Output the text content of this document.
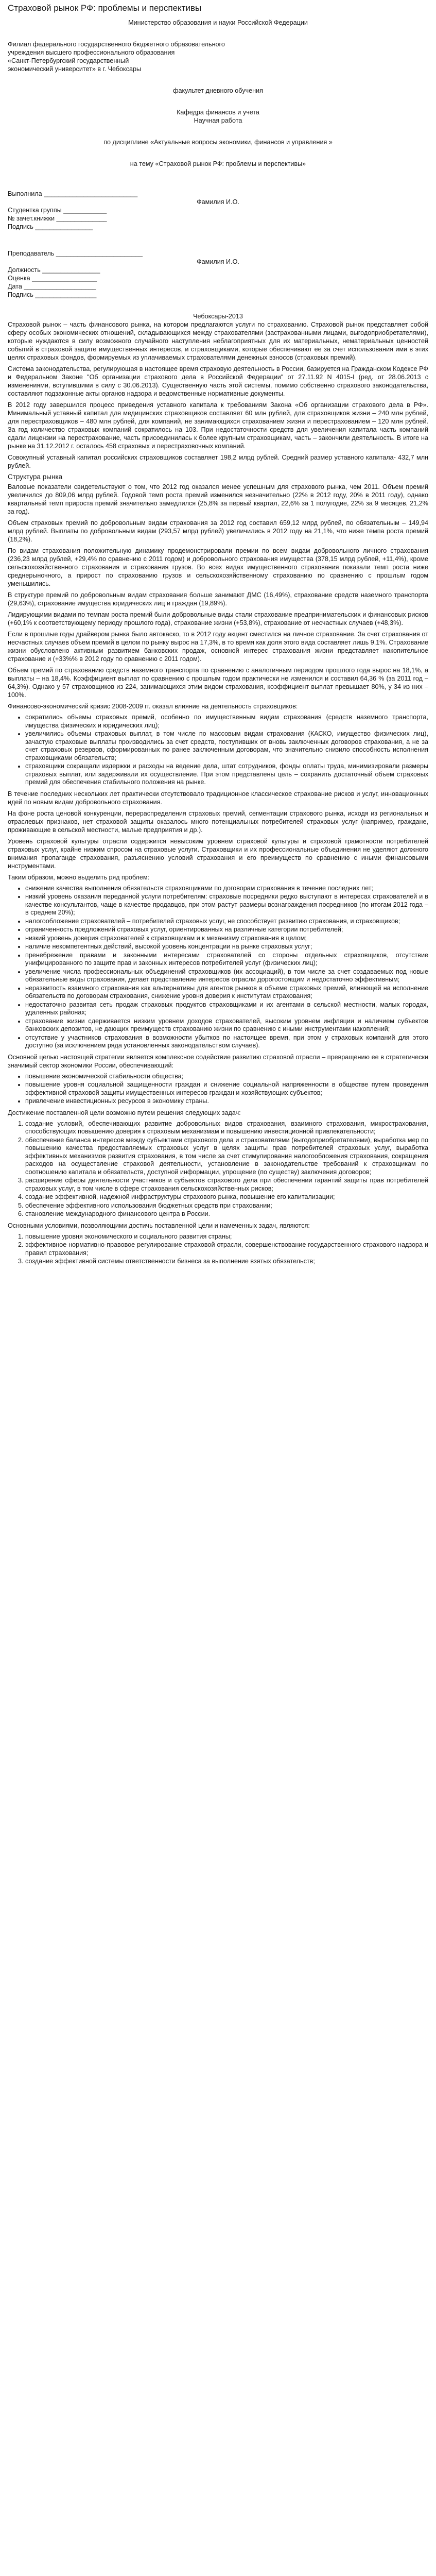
Страховой рынок РФ: проблемы и перспективы

Министерство образования и науки Российской Федерации

Филиал федерального государственного бюджетного образовательного

учреждения высшего профессионального образования

«Санкт-Петербургский государственный

экономический университет» в г. Чебоксары

факультет дневного обучения

Кафедра финансов и учета

Научная работа

по дисциплине «Актуальные вопросы экономики, финансов и управления »

на тему «Страховой рынок РФ: проблемы и перспективы»

Выполнила __________________________

Фамилия И.О.

Студентка группы ____________

№ зачет.книжки ______________

Подпись ________________

Преподаватель ________________________

Фамилия И.О.

Должность ________________

Оценка __________________

Дата ____________________

Подпись _________________

Чебоксары-2013

Страховой рынок – часть финансового рынка, на котором предлагаются услуги по страхованию. Страховой рынок представляет собой сферу особых экономических отношений, складывающихся между страхователями (застрахованными лицами, выгодоприобретателями), которые нуждаются в силу возможного случайного наступления неблагоприятных для их материальных, нематериальных ценностей событий в страховой защите имущественных интересов, и страховщиками, которые обеспечивают ее за счет использования ими в этих целях страховых фондов, формируемых из уплачиваемых страхователями денежных взносов (страховых премий).

Система законодательства, регулирующая в настоящее время страховую деятельность в России, базируется на Гражданском Кодексе РФ и Федеральном Законе "Об организации страхового дела в Российской Федерации" от 27.11.92 N 4015-I (ред. от 28.06.2013 с изменениями, вступившими в силу с 30.06.2013). Существенную часть этой системы, помимо собственно страхового законодательства, составляют подзаконные акты органов надзора и ведомственные нормативные документы.

В 2012 году завершился процесс приведения уставного капитала к требованиям Закона «Об организации страхового дела в РФ». Минимальный уставный капитал для медицинских страховщиков составляет 60 млн рублей, для страховщиков жизни – 240 млн рублей, для перестраховщиков – 480 млн рублей, для компаний, не занимающихся страхованием жизни и перестрахованием – 120 млн рублей. За год количество страховых компаний сократилось на 103. При недостаточности средств для увеличения капитала часть компаний сдали лицензии на перестрахование, часть присоединилась к более крупным страховщикам, часть – закончили деятельность. В итоге на рынке на 31.12.2012 г. осталось 458 страховых и перестраховочных компаний.

Совокупный уставный капитал российских страховщиков составляет 198,2 млрд рублей. Средний размер уставного капитала- 432,7 млн рублей.

Структура рынка

Валовые показатели свидетельствуют о том, что 2012 год оказался менее успешным для страхового рынка, чем 2011. Объем премий увеличился до 809,06 млрд рублей. Годовой темп роста премий изменился незначительно (22% в 2012 году, 20% в 2011 году), однако квартальный темп прироста премий значительно замедлился (25,8% за первый квартал, 22,6% за 1 полугодие, 22% за 9 месяцев, 21,2% за год).

Объем страховых премий по добровольным видам страхования за 2012 год составил 659,12 млрд рублей, по обязательным – 149,94 млрд рублей. Выплаты по добровольным видам (293,57 млрд рублей) увеличились в 2012 году на 21,1%, что ниже темпа роста премий (18,2%).

По видам страхования положительную динамику продемонстрировали премии по всем видам добровольного личного страхования (236,23 млрд рублей, +29,4% по сравнению с 2011 годом) и добровольного страхования имущества (378,15 млрд рублей, +11,4%), кроме сельскохозяйственного страхования и страхования грузов. Во всех видах имущественного страхования показали темп роста ниже среднерыночного, а прирост по страхованию грузов и сельскохозяйственному страхованию по сравнению с прошлым годом уменьшились.

В структуре премий по добровольным видам страхования больше занимают ДМС (16,49%), страхование средств наземного транспорта (29,63%), страхование имущества юридических лиц и граждан (19,89%).

Лидирующими видами по темпам роста премий были добровольные виды стали страхование предпринимательских и финансовых рисков (+60,1% к соответствующему периоду прошлого года), страхование жизни (+53,8%), страхование от несчастных случаев (+48,3%).

Если в прошлые годы драйвером рынка было автокаско, то в 2012 году акцент сместился на личное страхование. За счет страхования от несчастных случаев объем премий в целом по рынку вырос на 17,3%, в то время как доля этого вида составляет лишь 9,1%. Страхование жизни обусловлено активным развитием банковских продаж, основной интерес страхования жизни представляет накопительное страхование и (+33%% в 2012 году по сравнению с 2011 годом).

Объем премий по страхованию средств наземного транспорта по сравнению с аналогичным периодом прошлого года вырос на 18,1%, а выплаты – на 18,4%. Коэффициент выплат по сравнению с прошлым годом практически не изменился и составил 64,36 % (за 2011 год – 64,3%). Однако у 57 страховщиков из 224, занимающихся этим видом страхования, коэффициент выплат превышает 80%, у 34 из них – 100%.

Финансово-экономический кризис 2008-2009 гг. оказал влияние на деятельность страховщиков:

• сократились объемы страховых премий, особенно по имущественным видам страхования (средств наземного транспорта, имущества физических и юридических лиц);
• увеличились объемы страховых выплат, в том числе по массовым видам страхования (КАСКО, имущество физических лиц), зачастую страховые выплаты производились за счет средств, поступивших от вновь заключенных договоров страхования, а не за счет страховых резервов, сформированных по ранее заключенным договорам, что значительно снизило способность исполнения страховщиками обязательств;
• страховщики сокращали издержки и расходы на ведение дела, штат сотрудников, фонды оплаты труда, минимизировали размеры страховых выплат, или задерживали их осуществление. При этом представлены цель – сохранить достаточный объем страховых премий для обеспечения стабильного положения на рынке.

В течение последних нескольких лет практически отсутствовало традиционное классическое страхование рисков и услуг, инновационных идей по новым видам добровольного страхования.

На фоне роста ценовой конкуренции, перераспределения страховых премий, сегментации страхового рынка, исходя из региональных и отраслевых признаков, нет страховой защиты оказалось много потенциальных потребителей страховых услуг (например, граждане, проживающие в сельской местности, малые предприятия и др.).

Уровень страховой культуры отрасли содержится невысоким уровнем страховой культуры и страховой грамотности потребителей страховых услуг, крайне низким спросом на страховые услуги. Страховщики и их профессиональные объединения не уделяют должного внимания пропаганде страхования, разъяснению условий страхования и его преимуществ по сравнению с иными финансовыми инструментами.

Таким образом, можно выделить ряд проблем:

• снижение качества выполнения обязательств страховщиками по договорам страхования в течение последних лет;
• низкий уровень оказания переданной услуги потребителям: страховые посредники редко выступают в интересах страхователей и в качестве консультантов, чаще в качестве продавцов, при этом растут размеры вознаграждения посредников (по итогам 2012 года – в среднем 20%);
• налогообложение страхователей – потребителей страховых услуг, не способствует развитию страхования, и страховщиков;
• ограниченность предложений страховых услуг, ориентированных на различные категории потребителей;
• низкий уровень доверия страхователей к страховщикам и к механизму страхования в целом;
• наличие некомпетентных действий, высокой уровень концентрации на рынке страховых услуг;
• пренебрежение правами и законными интересами страхователей со стороны отдельных страховщиков, отсутствие унифицированного по защите прав и законных интересов потребителей услуг (физических лиц);
• увеличение числа профессиональных объединений страховщиков (их ассоциаций), в том числе за счет создаваемых под новые обязательные виды страхования, делает представление интересов отрасли дорогостоящим и недостаточно эффективным;
• неразвитость взаимного страхования как альтернативы для агентов рынков в объеме страховых премий, влияющей на исполнение обязательств по договорам страхования, снижение уровня доверия к институтам страхования;
• недостаточно развитая сеть продаж страховых продуктов страховщиками и их агентами в сельской местности, малых городах, удаленных районах;
• страхование жизни сдерживается низким уровнем доходов страхователей, высоким уровнем инфляции и наличием субъектов банковских депозитов, не дающих преимуществ страхованию жизни по сравнению с иными инструментами накоплений;
• отсутствие у участников страхования в возможности убытков по настоящее время, при этом у страховых компаний для этого доступно (за исключением ряда установленных законодательством случаев).

Основной целью настоящей стратегии является комплексное содействие развитию страховой отрасли – превращению ее в стратегически значимый сектор экономики России, обеспечивающий:

• повышение экономической стабильности общества;
• повышение уровня социальной защищенности граждан и снижение социальной напряженности в обществе путем проведения эффективной страховой защиты имущественных интересов граждан и хозяйствующих субъектов;
• привлечение инвестиционных ресурсов в экономику страны.

Достижение поставленной цели возможно путем решения следующих задач:

1. создание условий, обеспечивающих развитие добровольных видов страхования, взаимного страхования, микрострахования, способствующих повышению доверия к страховым механизмам и повышению инвестиционной привлекательности;
2. обеспечение баланса интересов между субъектами страхового дела и страхователями (выгодоприобретателями), выработка мер по повышению качества предоставляемых страховых услуг в целях защиты прав потребителей страховых услуг, выработка эффективных механизмов развития страхования, в том числе за счет стимулирования налогообложения страхования, сокращения расходов на осуществление страховой деятельности, установление в законодательстве требований к страховщикам по соотношению капитала и обязательств, доступной информации, упрощение (по существу) заключения договоров;
3. расширение сферы деятельности участников и субъектов страхового дела при обеспечении гарантий защиты прав потребителей страховых услуг, в том числе в сфере страхования сельскохозяйственных рисков;
4. создание эффективной, надежной инфраструктуры страхового рынка, повышение его капитализации;
5. обеспечение эффективного использования бюджетных средств при страховании;
6. становление международного финансового центра в России.

Основными условиями, позволяющими достичь поставленной цели и намеченных задач, являются:

1. повышение уровня экономического и социального развития страны;
2. эффективное нормативно-правовое регулирование страховой отрасли, совершенствование государственного страхового надзора и правил страхования;
3. создание эффективной системы ответственности бизнеса за выполнение взятых обязательств;
